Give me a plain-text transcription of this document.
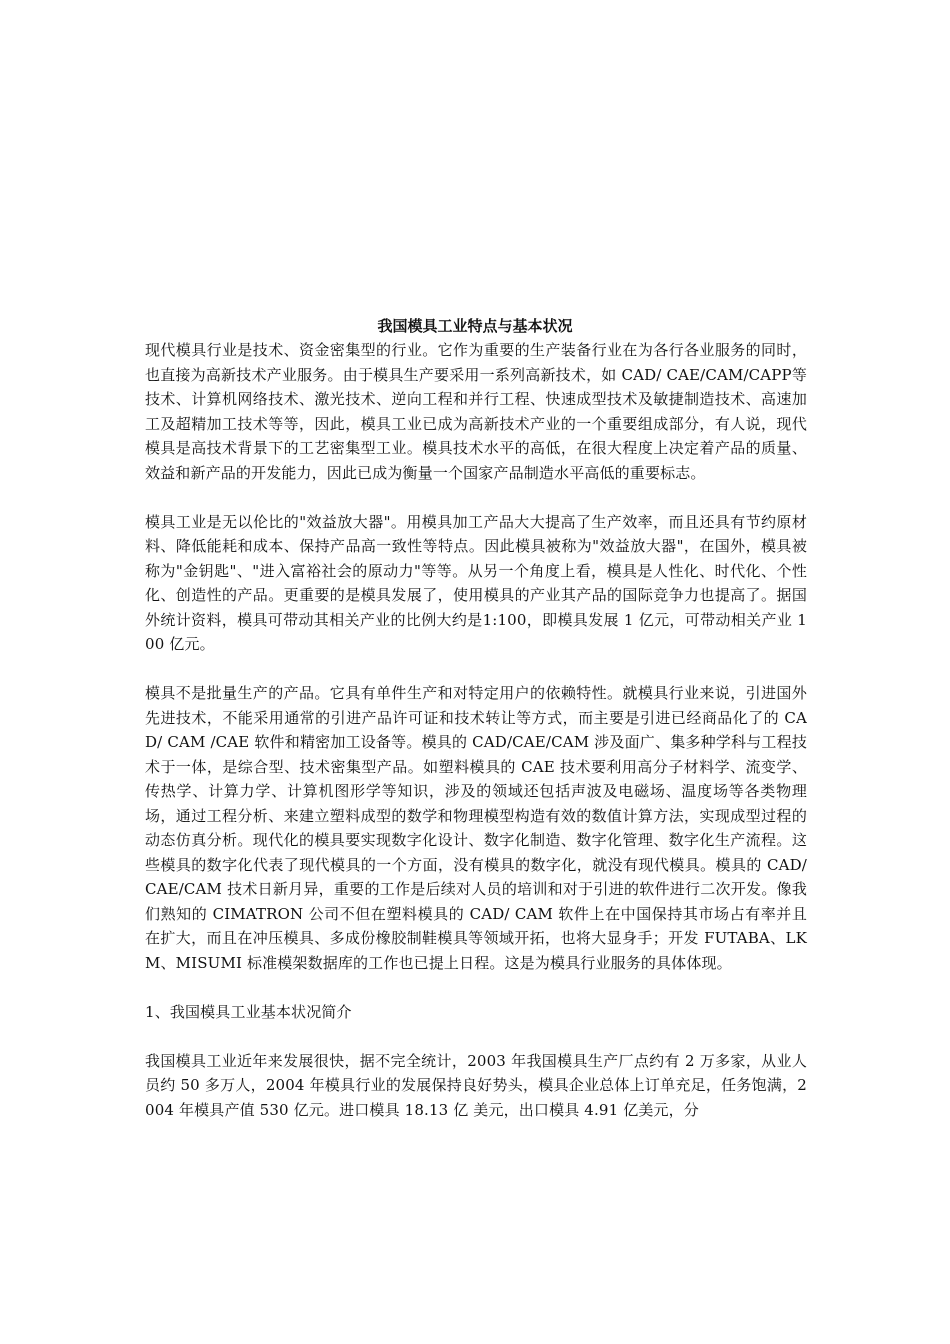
我国模具工业特点与基本状况

现代模具行业是技术、资金密集型的行业。它作为重要的生产装备行业在为各行各业服务的同时，也直接为高新技术产业服务。由于模具生产要采用一系列高新技术，如 CAD/ CAE/CAM/CAPP等技术、计算机网络技术、激光技术、逆向工程和并行工程、快速成型技术及敏捷制造技术、高速加工及超精加工技术等等，因此，模具工业已成为高新技术产业的一个重要组成部分，有人说，现代模具是高技术背景下的工艺密集型工业。模具技术水平的高低，在很大程度上决定着产品的质量、效益和新产品的开发能力，因此已成为衡量一个国家产品制造水平高低的重要标志。

模具工业是无以伦比的"效益放大器"。用模具加工产品大大提高了生产效率，而且还具有节约原材料、降低能耗和成本、保持产品高一致性等特点。因此模具被称为"效益放大器"，在国外，模具被称为"金钥匙"、"进入富裕社会的原动力"等等。从另一个角度上看，模具是人性化、时代化、个性化、创造性的产品。更重要的是模具发展了，使用模具的产业其产品的国际竞争力也提高了。据国外统计资料，模具可带动其相关产业的比例大约是1:100，即模具发展 1 亿元，可带动相关产业 100 亿元。

模具不是批量生产的产品。它具有单件生产和对特定用户的依赖特性。就模具行业来说，引进国外先进技术，不能采用通常的引进产品许可证和技术转让等方式，而主要是引进已经商品化了的 CAD/ CAM /CAE 软件和精密加工设备等。模具的 CAD/CAE/CAM 涉及面广、集多种学科与工程技术于一体，是综合型、技术密集型产品。如塑料模具的 CAE 技术要利用高分子材料学、流变学、传热学、计算力学、计算机图形学等知识，涉及的领域还包括声波及电磁场、温度场等各类物理场，通过工程分析、来建立塑料成型的数学和物理模型构造有效的数值计算方法，实现成型过程的动态仿真分析。现代化的模具要实现数字化设计、数字化制造、数字化管理、数字化生产流程。这些模具的数字化代表了现代模具的一个方面，没有模具的数字化，就没有现代模具。模具的 CAD/CAE/CAM 技术日新月异，重要的工作是后续对人员的培训和对于引进的软件进行二次开发。像我们熟知的 CIMATRON 公司不但在塑料模具的 CAD/ CAM 软件上在中国保持其市场占有率并且在扩大，而且在冲压模具、多成份橡胶制鞋模具等领域开拓，也将大显身手；开发 FUTABA、LKM、MISUMI 标准模架数据库的工作也已提上日程。这是为模具行业服务的具体体现。

1、我国模具工业基本状况简介

我国模具工业近年来发展很快，据不完全统计，2003 年我国模具生产厂点约有 2 万多家，从业人员约 50 多万人，2004 年模具行业的发展保持良好势头，模具企业总体上订单充足，任务饱满，2004 年模具产值 530 亿元。进口模具 18.13 亿 美元，出口模具 4.91 亿美元，分
